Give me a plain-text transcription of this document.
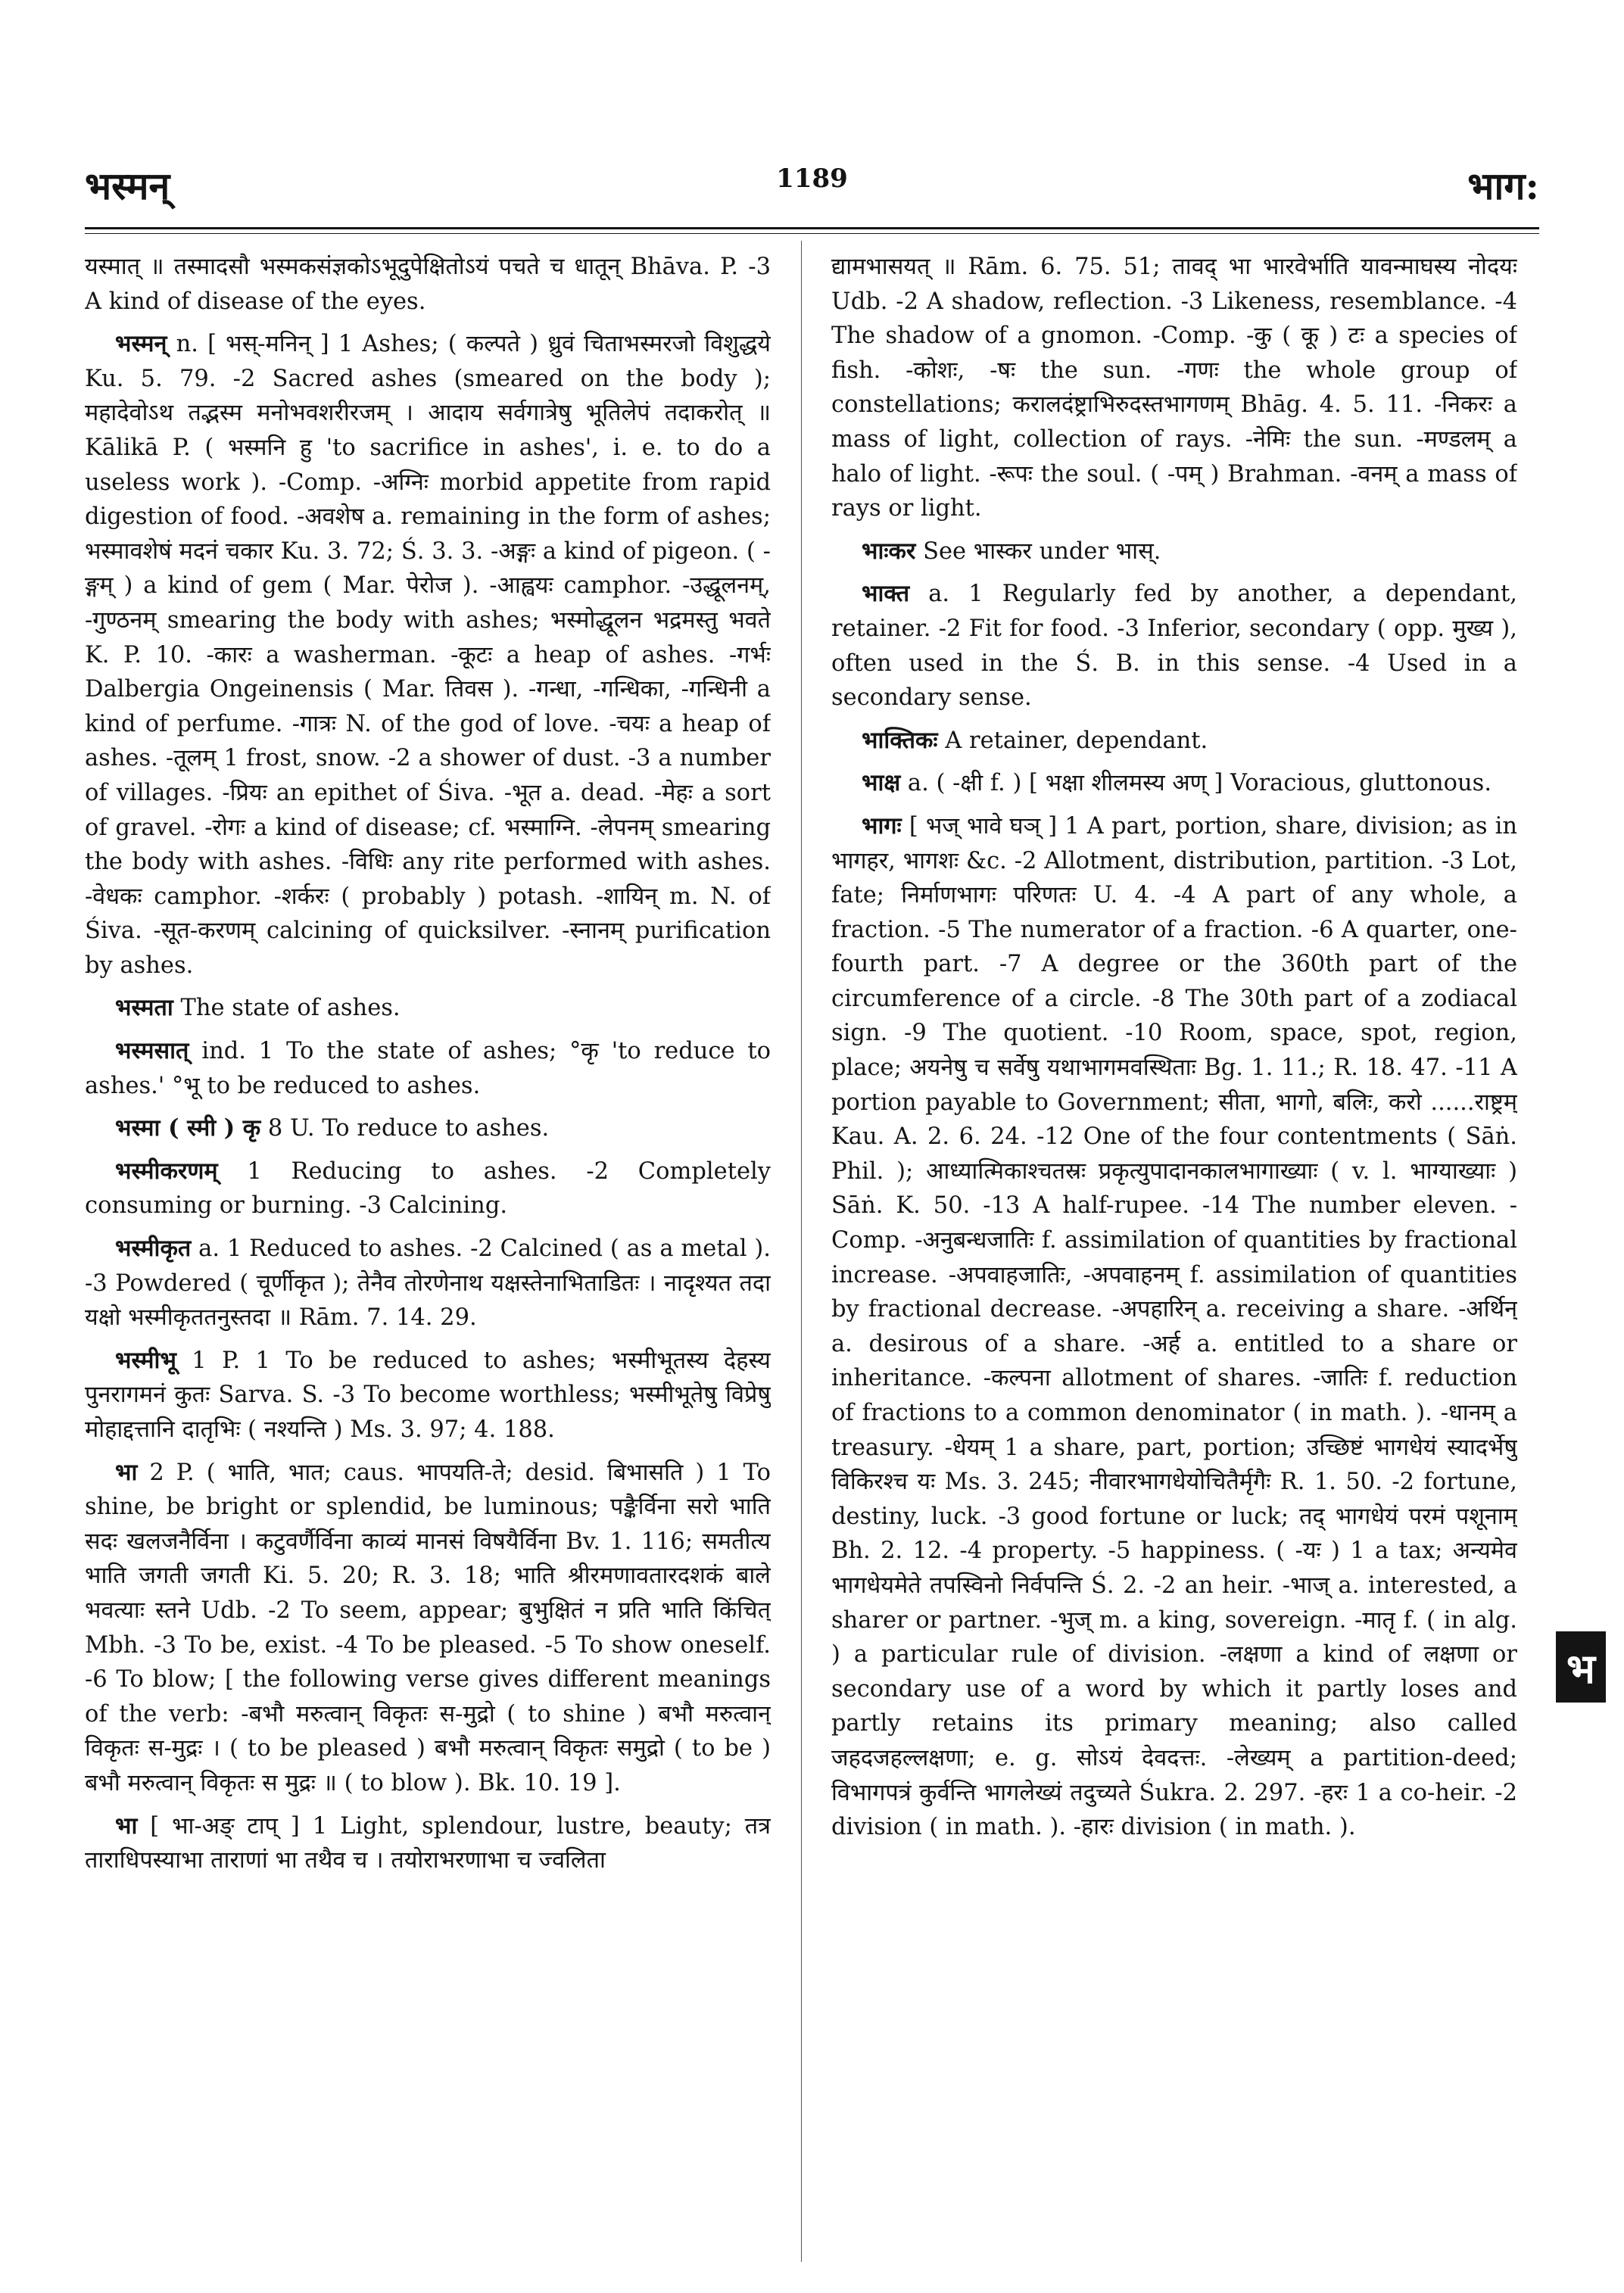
भस्मन्	1189	भाग:

यस्मात् ॥ तस्मादसौ भस्मकसंज्ञकोऽभूदुपेक्षितोऽयं पचते च धातून् Bhāva. P. -3 A kind of disease of the eyes.

भस्मन् n. [ भस्-मनिन् ] 1 Ashes; ( कल्पते ) ध्रुवं चिताभस्मरजो विशुद्धये Ku. 5. 79. -2 Sacred ashes (smeared on the body ); महादेवोऽथ तद्भस्म मनोभवशरीरजम् । आदाय सर्वगात्रेषु भूतिलेपं तदाकरोत् ॥ Kālikā P. ( भस्मनि हु 'to sacrifice in ashes', i. e. to do a useless work ). -Comp. -अग्निः morbid appetite from rapid digestion of food. -अवशेष a. remaining in the form of ashes; भस्मावशेषं मदनं चकार Ku. 3. 72; Ś. 3. 3. -अङ्गः a kind of pigeon. ( -ङ्गम् ) a kind of gem ( Mar. पेरोज ). -आह्वयः camphor. -उद्धूलनम्, -गुण्ठनम् smearing the body with ashes; भस्मोद्धूलन भद्रमस्तु भवते K. P. 10. -कारः a washerman. -कूटः a heap of ashes. -गर्भः Dalbergia Ongeinensis ( Mar. तिवस ). -गन्धा, -गन्धिका, -गन्धिनी a kind of perfume. -गात्रः N. of the god of love. -चयः a heap of ashes. -तूलम् 1 frost, snow. -2 a shower of dust. -3 a number of villages. -प्रियः an epithet of Śiva. -भूत a. dead. -मेहः a sort of gravel. -रोगः a kind of disease; cf. भस्माग्नि. -लेपनम् smearing the body with ashes. -विधिः any rite performed with ashes. -वेधकः camphor. -शर्करः ( probably ) potash. -शायिन् m. N. of Śiva. -सूत-करणम् calcining of quicksilver. -स्नानम् purification by ashes.

भस्मता The state of ashes.

भस्मसात् ind. 1 To the state of ashes; °कृ 'to reduce to ashes.' °भू to be reduced to ashes.

भस्मा ( स्मी ) कृ 8 U. To reduce to ashes.

भस्मीकरणम् 1 Reducing to ashes. -2 Completely consuming or burning. -3 Calcining.

भस्मीकृत a. 1 Reduced to ashes. -2 Calcined ( as a metal ). -3 Powdered ( चूर्णीकृत ); तेनैव तोरणेनाथ यक्षस्तेनाभिताडितः । नादृश्यत तदा यक्षो भस्मीकृततनुस्तदा ॥ Rām. 7. 14. 29.

भस्मीभू 1 P. 1 To be reduced to ashes; भस्मीभूतस्य देहस्य पुनरागमनं कुतः Sarva. S. -3 To become worthless; भस्मीभूतेषु विप्रेषु मोहाद्दत्तानि दातृभिः ( नश्यन्ति ) Ms. 3. 97; 4. 188.

भा 2 P. ( भाति, भात; caus. भापयति-ते; desid. बिभासति ) 1 To shine, be bright or splendid, be luminous; पङ्कैर्विना सरो भाति सदः खलजनैर्विना । कटुवर्णैर्विना काव्यं मानसं विषयैर्विना Bv. 1. 116; समतीत्य भाति जगती जगती Ki. 5. 20; R. 3. 18; भाति श्रीरमणावतारदशकं बाले भवत्याः स्तने Udb. -2 To seem, appear; बुभुक्षितं न प्रति भाति किंचित् Mbh. -3 To be, exist. -4 To be pleased. -5 To show oneself. -6 To blow; [ the following verse gives different meanings of the verb: -बभौ मरुत्वान् विकृतः स-मुद्रो ( to shine ) बभौ मरुत्वान् विकृतः स-मुद्रः । ( to be pleased ) बभौ मरुत्वान् विकृतः समुद्रो ( to be ) बभौ मरुत्वान् विकृतः स मुद्रः ॥ ( to blow ). Bk. 10. 19 ].

भा [ भा-अङ् टाप् ] 1 Light, splendour, lustre, beauty; तत्र ताराधिपस्याभा ताराणां भा तथैव च । तयोराभरणाभा च ज्वलिता

द्यामभासयत् ॥ Rām. 6. 75. 51; तावद् भा भारवेर्भाति यावन्माघस्य नोदयः Udb. -2 A shadow, reflection. -3 Likeness, resemblance. -4 The shadow of a gnomon. -Comp. -कु ( कू ) टः a species of fish. -कोशः, -षः the sun. -गणः the whole group of constellations; करालदंष्ट्राभिरुदस्तभागणम् Bhāg. 4. 5. 11. -निकरः a mass of light, collection of rays. -नेमिः the sun. -मण्डलम् a halo of light. -रूपः the soul. ( -पम् ) Brahman. -वनम् a mass of rays or light.

भाःकर See भास्कर under भास्.

भाक्त a. 1 Regularly fed by another, a dependant, retainer. -2 Fit for food. -3 Inferior, secondary ( opp. मुख्य ), often used in the Ś. B. in this sense. -4 Used in a secondary sense.

भाक्तिकः A retainer, dependant.

भाक्ष a. ( -क्षी f. ) [ भक्षा शीलमस्य अण् ] Voracious, gluttonous.

भागः [ भज् भावे घञ् ] 1 A part, portion, share, division; as in भागहर, भागशः &c. -2 Allotment, distribution, partition. -3 Lot, fate; निर्माणभागः परिणतः U. 4. -4 A part of any whole, a fraction. -5 The numerator of a fraction. -6 A quarter, one-fourth part. -7 A degree or the 360th part of the circumference of a circle. -8 The 30th part of a zodiacal sign. -9 The quotient. -10 Room, space, spot, region, place; अयनेषु च सर्वेषु यथाभागमवस्थिताः Bg. 1. 11.; R. 18. 47. -11 A portion payable to Government; सीता, भागो, बलिः, करो ......राष्ट्रम् Kau. A. 2. 6. 24. -12 One of the four contentments ( Sāṅ. Phil. ); आध्यात्मिकाश्चतस्रः प्रकृत्युपादानकालभागाख्याः ( v. l. भाग्याख्याः ) Sāṅ. K. 50. -13 A half-rupee. -14 The number eleven. -Comp. -अनुबन्धजातिः f. assimilation of quantities by fractional increase. -अपवाहजातिः, -अपवाहनम् f. assimilation of quantities by fractional decrease. -अपहारिन् a. receiving a share. -अर्थिन् a. desirous of a share. -अर्ह a. entitled to a share or inheritance. -कल्पना allotment of shares. -जातिः f. reduction of fractions to a common denominator ( in math. ). -धानम् a treasury. -धेयम् 1 a share, part, portion; उच्छिष्टं भागधेयं स्यादर्भेषु विकिरश्च यः Ms. 3. 245; नीवारभागधेयोचितैर्मृगैः R. 1. 50. -2 fortune, destiny, luck. -3 good fortune or luck; तद् भागधेयं परमं पशूनाम् Bh. 2. 12. -4 property. -5 happiness. ( -यः ) 1 a tax; अन्यमेव भागधेयमेते तपस्विनो निर्वपन्ति Ś. 2. -2 an heir. -भाज् a. interested, a sharer or partner. -भुज् m. a king, sovereign. -मातृ f. ( in alg. ) a particular rule of division. -लक्षणा a kind of लक्षणा or secondary use of a word by which it partly loses and partly retains its primary meaning; also called जहदजहल्लक्षणा; e. g. सोऽयं देवदत्तः. -लेख्यम् a partition-deed; विभागपत्रं कुर्वन्ति भागलेख्यं तदुच्यते Śukra. 2. 297. -हरः 1 a co-heir. -2 division ( in math. ). -हारः division ( in math. ).

भ
